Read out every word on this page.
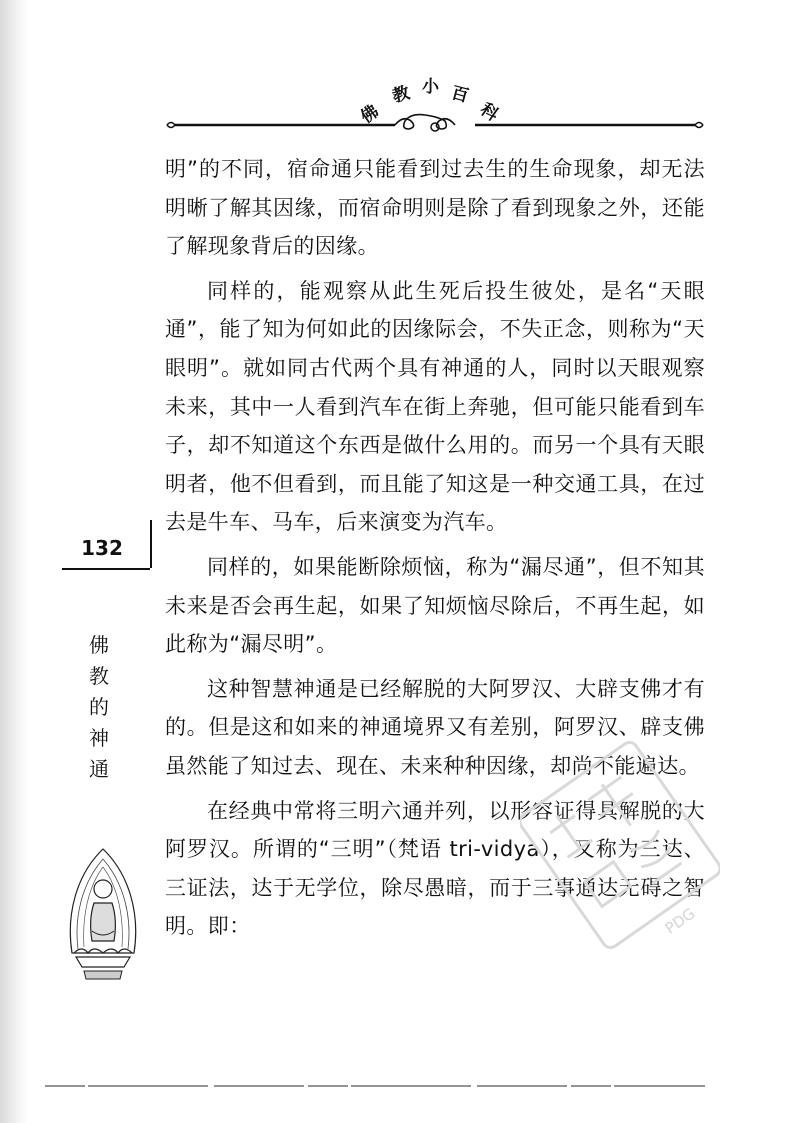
佛
教 小 百
科

明”的不同，宿命通只能看到过去生的生命现象，却无法明晰了解其因缘，而宿命明则是除了看到现象之外，还能了解现象背后的因缘。

同样的，能观察从此生死后投生彼处，是名“天眼通”，能了知为何如此的因缘际会，不失正念，则称为“天眼明”。就如同古代两个具有神通的人，同时以天眼观察未来，其中一人看到汽车在街上奔驰，但可能只能看到车子，却不知道这个东西是做什么用的。而另一个具有天眼明者，他不但看到，而且能了知这是一种交通工具，在过去是牛车、马车，后来演变为汽车。

同样的，如果能断除烦恼，称为“漏尽通”，但不知其未来是否会再生起，如果了知烦恼尽除后，不再生起，如此称为“漏尽明”。

这种智慧神通是已经解脱的大阿罗汉、大辟支佛才有的。但是这和如来的神通境界又有差别，阿罗汉、辟支佛虽然能了知过去、现在、未来种种因缘，却尚不能遍达。

在经典中常将三明六通并列，以形容证得具解脱的大阿罗汉。所谓的“三明”（梵语 tri-vidya），又称为三达、三证法，达于无学位，除尽愚暗，而于三事通达无碍之智明。即：

132
佛
教
的
神
通
PDG
